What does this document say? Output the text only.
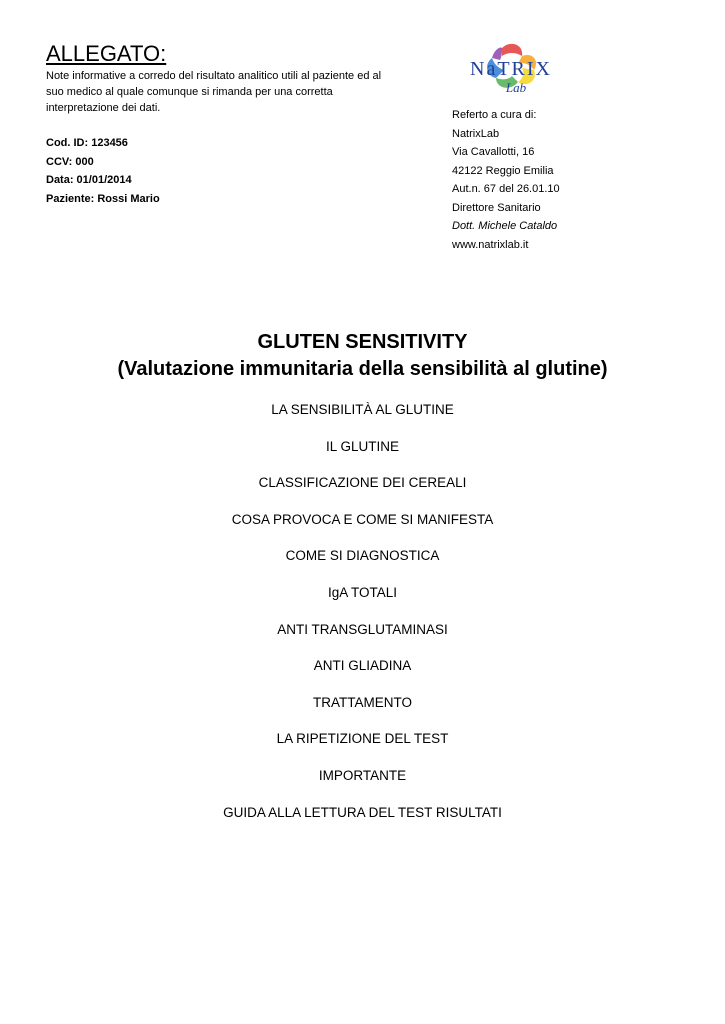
ALLEGATO:
Note informative a corredo del risultato analitico utili al paziente ed al suo medico al quale comunque si rimanda per una corretta interpretazione dei dati.
Cod. ID: 123456
CCV: 000
Data: 01/01/2014
Paziente: Rossi Mario
NaTRIX
Lab
Referto a cura di:
NatrixLab
Via Cavallotti, 16
42122 Reggio Emilia
Aut.n. 67 del 26.01.10
Direttore Sanitario
Dott. Michele Cataldo
www.natrixlab.it
GLUTEN SENSITIVITY
(Valutazione immunitaria della sensibilità al glutine)
LA SENSIBILITÀ AL GLUTINE
IL GLUTINE
CLASSIFICAZIONE DEI CEREALI
COSA PROVOCA E COME SI MANIFESTA
COME SI DIAGNOSTICA
IgA TOTALI
ANTI TRANSGLUTAMINASI
ANTI GLIADINA
TRATTAMENTO
LA RIPETIZIONE DEL TEST
IMPORTANTE
GUIDA ALLA LETTURA DEL TEST RISULTATI
